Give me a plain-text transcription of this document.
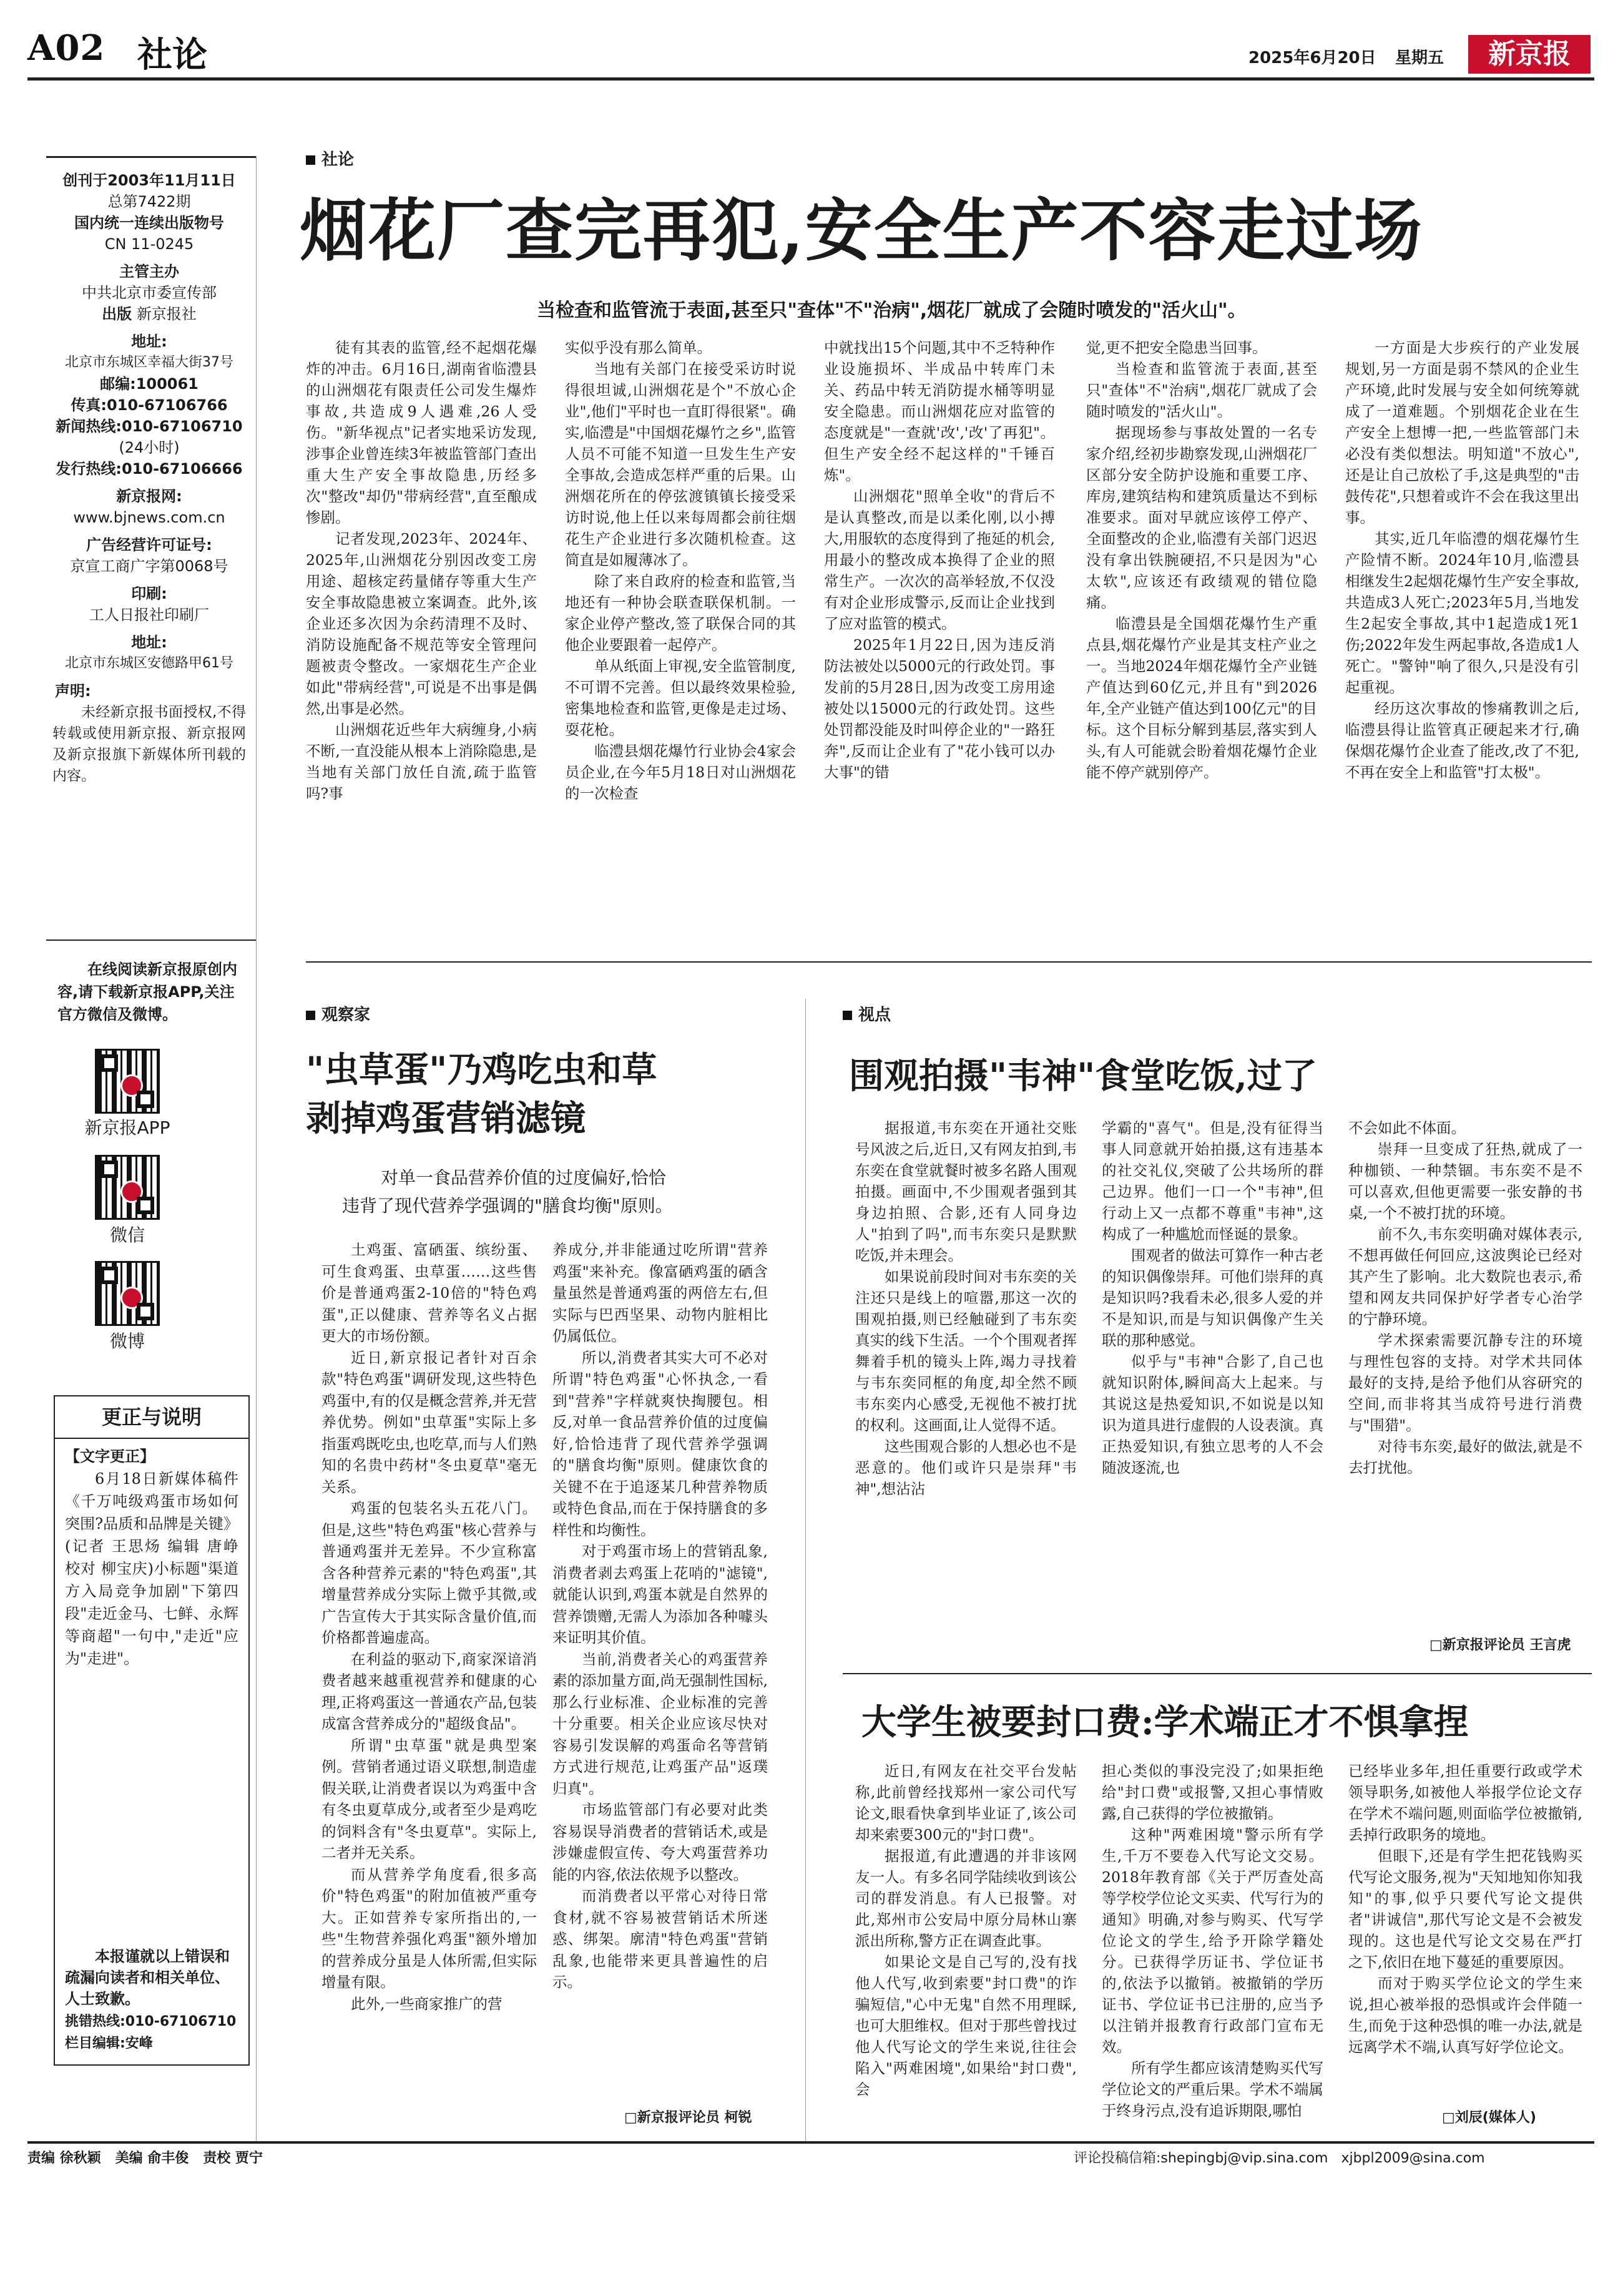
A02 社论	2025年6月20日 星期五	新京报
创刊于2003年11月11日
总第7422期
国内统一连续出版物号
CN 11-0245
主管主办
中共北京市委宣传部
出版 新京报社
地址:
北京市东城区幸福大街37号
邮编:100061
传真:010-67106766
新闻热线:010-67106710
(24小时)
发行热线:010-67106666
新京报网:
www.bjnews.com.cn
广告经营许可证号:
京宣工商广字第0068号
印刷:
工人日报社印刷厂
地址:
北京市东城区安德路甲61号
声明:
未经新京报书面授权,不得转载或使用新京报、新京报网及新京报旗下新媒体所刊载的内容。
在线阅读新京报原创内容,请下载新京报APP,关注官方微信及微博。
新京报APP
微信
微博
更正与说明
【文字更正】
6月18日新媒体稿件《千万吨级鸡蛋市场如何突围?品质和品牌是关键》(记者 王思炀 编辑 唐峥 校对 柳宝庆)小标题"渠道方入局竞争加剧"下第四段"走近金马、七鲜、永辉等商超"一句中,"走近"应为"走进"。
本报谨就以上错误和疏漏向读者和相关单位、人士致歉。
挑错热线:010-67106710
栏目编辑:安峰
社论
烟花厂查完再犯,安全生产不容走过场
当检查和监管流于表面,甚至只"查体"不"治病",烟花厂就成了会随时喷发的"活火山"。

徒有其表的监管,经不起烟花爆炸的冲击。6月16日,湖南省临澧县的山洲烟花有限责任公司发生爆炸事故,共造成9人遇难,26人受伤。"新华视点"记者实地采访发现,涉事企业曾连续3年被监管部门查出重大生产安全事故隐患,历经多次"整改"却仍"带病经营",直至酿成惨剧。

记者发现,2023年、2024年、2025年,山洲烟花分别因改变工房用途、超核定药量储存等重大生产安全事故隐患被立案调查。此外,该企业还多次因为余药清理不及时、消防设施配备不规范等安全管理问题被责令整改。一家烟花生产企业如此"带病经营",可说是不出事是偶然,出事是必然。

山洲烟花近些年大病缠身,小病不断,一直没能从根本上消除隐患,是当地有关部门放任自流,疏于监管吗?事

实似乎没有那么简单。

当地有关部门在接受采访时说得很坦诚,山洲烟花是个"不放心企业",他们"平时也一直盯得很紧"。确实,临澧是"中国烟花爆竹之乡",监管人员不可能不知道一旦发生生产安全事故,会造成怎样严重的后果。山洲烟花所在的停弦渡镇镇长接受采访时说,他上任以来每周都会前往烟花生产企业进行多次随机检查。这简直是如履薄冰了。

除了来自政府的检查和监管,当地还有一种协会联查联保机制。一家企业停产整改,签了联保合同的其他企业要跟着一起停产。

单从纸面上审视,安全监管制度,不可谓不完善。但以最终效果检验,密集地检查和监管,更像是走过场、耍花枪。

临澧县烟花爆竹行业协会4家会员企业,在今年5月18日对山洲烟花的一次检查

中就找出15个问题,其中不乏特种作业设施损坏、半成品中转库门未关、药品中转无消防提水桶等明显安全隐患。而山洲烟花应对监管的态度就是"一查就'改','改'了再犯"。但生产安全经不起这样的"千锤百炼"。

山洲烟花"照单全收"的背后不是认真整改,而是以柔化刚,以小搏大,用服软的态度得到了拖延的机会,用最小的整改成本换得了企业的照常生产。一次次的高举轻放,不仅没有对企业形成警示,反而让企业找到了应对监管的模式。

2025年1月22日,因为违反消防法被处以5000元的行政处罚。事发前的5月28日,因为改变工房用途被处以15000元的行政处罚。这些处罚都没能及时叫停企业的"一路狂奔",反而让企业有了"花小钱可以办大事"的错

觉,更不把安全隐患当回事。

当检查和监管流于表面,甚至只"查体"不"治病",烟花厂就成了会随时喷发的"活火山"。

据现场参与事故处置的一名专家介绍,经初步勘察发现,山洲烟花厂区部分安全防护设施和重要工序、库房,建筑结构和建筑质量达不到标准要求。面对早就应该停工停产、全面整改的企业,临澧有关部门迟迟没有拿出铁腕硬招,不只是因为"心太软",应该还有政绩观的错位隐痛。

临澧县是全国烟花爆竹生产重点县,烟花爆竹产业是其支柱产业之一。当地2024年烟花爆竹全产业链产值达到60亿元,并且有"到2026年,全产业链产值达到100亿元"的目标。这个目标分解到基层,落实到人头,有人可能就会盼着烟花爆竹企业能不停产就别停产。

一方面是大步疾行的产业发展规划,另一方面是弱不禁风的企业生产环境,此时发展与安全如何统筹就成了一道难题。个别烟花企业在生产安全上想博一把,一些监管部门未必没有类似想法。明知道"不放心",还是让自己放松了手,这是典型的"击鼓传花",只想着或许不会在我这里出事。

其实,近几年临澧的烟花爆竹生产险情不断。2024年10月,临澧县相继发生2起烟花爆竹生产安全事故,共造成3人死亡;2023年5月,当地发生2起安全事故,其中1起造成1死1伤;2022年发生两起事故,各造成1人死亡。"警钟"响了很久,只是没有引起重视。

经历这次事故的惨痛教训之后,临澧县得让监管真正硬起来才行,确保烟花爆竹企业查了能改,改了不犯,不再在安全上和监管"打太极"。

观察家
"虫草蛋"乃鸡吃虫和草
剥掉鸡蛋营销滤镜
对单一食品营养价值的过度偏好,恰恰
违背了现代营养学强调的"膳食均衡"原则。

土鸡蛋、富硒蛋、缤纷蛋、可生食鸡蛋、虫草蛋……这些售价是普通鸡蛋2-10倍的"特色鸡蛋",正以健康、营养等名义占据更大的市场份额。

近日,新京报记者针对百余款"特色鸡蛋"调研发现,这些特色鸡蛋中,有的仅是概念营养,并无营养优势。例如"虫草蛋"实际上多指蛋鸡既吃虫,也吃草,而与人们熟知的名贵中药材"冬虫夏草"毫无关系。

鸡蛋的包装名头五花八门。但是,这些"特色鸡蛋"核心营养与普通鸡蛋并无差异。不少宣称富含各种营养元素的"特色鸡蛋",其增量营养成分实际上微乎其微,或广告宣传大于其实际含量价值,而价格都普遍虚高。

在利益的驱动下,商家深谙消费者越来越重视营养和健康的心理,正将鸡蛋这一普通农产品,包装成富含营养成分的"超级食品"。

所谓"虫草蛋"就是典型案例。营销者通过语义联想,制造虚假关联,让消费者误以为鸡蛋中含有冬虫夏草成分,或者至少是鸡吃的饲料含有"冬虫夏草"。实际上,二者并无关系。

而从营养学角度看,很多高价"特色鸡蛋"的附加值被严重夸大。正如营养专家所指出的,一些"生物营养强化鸡蛋"额外增加的营养成分虽是人体所需,但实际增量有限。

此外,一些商家推广的营

养成分,并非能通过吃所谓"营养鸡蛋"来补充。像富硒鸡蛋的硒含量虽然是普通鸡蛋的两倍左右,但实际与巴西坚果、动物内脏相比仍属低位。

所以,消费者其实大可不必对所谓"特色鸡蛋"心怀执念,一看到"营养"字样就爽快掏腰包。相反,对单一食品营养价值的过度偏好,恰恰违背了现代营养学强调的"膳食均衡"原则。健康饮食的关键不在于追逐某几种营养物质或特色食品,而在于保持膳食的多样性和均衡性。

对于鸡蛋市场上的营销乱象,消费者剥去鸡蛋上花哨的"滤镜",就能认识到,鸡蛋本就是自然界的营养馈赠,无需人为添加各种噱头来证明其价值。

当前,消费者关心的鸡蛋营养素的添加量方面,尚无强制性国标,那么行业标准、企业标准的完善十分重要。相关企业应该尽快对容易引发误解的鸡蛋命名等营销方式进行规范,让鸡蛋产品"返璞归真"。

市场监管部门有必要对此类容易误导消费者的营销话术,或是涉嫌虚假宣传、夸大鸡蛋营养功能的内容,依法依规予以整改。

而消费者以平常心对待日常食材,就不容易被营销话术所迷惑、绑架。廓清"特色鸡蛋"营销乱象,也能带来更具普遍性的启示。

□新京报评论员 柯锐
视点
围观拍摄"韦神"食堂吃饭,过了

据报道,韦东奕在开通社交账号风波之后,近日,又有网友拍到,韦东奕在食堂就餐时被多名路人围观拍摄。画面中,不少围观者强到其身边拍照、合影,还有人同身边人"拍到了吗",而韦东奕只是默默吃饭,并未理会。

如果说前段时间对韦东奕的关注还只是线上的喧嚣,那这一次的围观拍摄,则已经触碰到了韦东奕真实的线下生活。一个个围观者挥舞着手机的镜头上阵,竭力寻找着与韦东奕同框的角度,却全然不顾韦东奕内心感受,无视他不被打扰的权利。这画面,让人觉得不适。

这些围观合影的人想必也不是恶意的。他们或许只是崇拜"韦神",想沾沾

学霸的"喜气"。但是,没有征得当事人同意就开始拍摄,这有违基本的社交礼仪,突破了公共场所的群己边界。他们一口一个"韦神",但行动上又一点都不尊重"韦神",这构成了一种尴尬而怪诞的景象。

围观者的做法可算作一种古老的知识偶像崇拜。可他们崇拜的真是知识吗?我看未必,很多人爱的并不是知识,而是与知识偶像产生关联的那种感觉。

似乎与"韦神"合影了,自己也就知识附体,瞬间高大上起来。与其说这是热爱知识,不如说是以知识为道具进行虚假的人设表演。真正热爱知识,有独立思考的人不会随波逐流,也

不会如此不体面。

崇拜一旦变成了狂热,就成了一种枷锁、一种禁锢。韦东奕不是不可以喜欢,但他更需要一张安静的书桌,一个不被打扰的环境。

前不久,韦东奕明确对媒体表示,不想再做任何回应,这波舆论已经对其产生了影响。北大数院也表示,希望和网友共同保护好学者专心治学的宁静环境。

学术探索需要沉静专注的环境与理性包容的支持。对学术共同体最好的支持,是给予他们从容研究的空间,而非将其当成符号进行消费与"围猎"。

对待韦东奕,最好的做法,就是不去打扰他。

□新京报评论员 王言虎
大学生被要封口费:学术端正才不惧拿捏

近日,有网友在社交平台发帖称,此前曾经找郑州一家公司代写论文,眼看快拿到毕业证了,该公司却来索要300元的"封口费"。

据报道,有此遭遇的并非该网友一人。有多名同学陆续收到该公司的群发消息。有人已报警。对此,郑州市公安局中原分局林山寨派出所称,警方正在调查此事。

如果论文是自己写的,没有找他人代写,收到索要"封口费"的诈骗短信,"心中无鬼"自然不用理睬,也可大胆维权。但对于那些曾找过他人代写论文的学生来说,往往会陷入"两难困境",如果给"封口费",会

担心类似的事没完没了;如果拒绝给"封口费"或报警,又担心事情败露,自己获得的学位被撤销。

这种"两难困境"警示所有学生,千万不要卷入代写论文交易。2018年教育部《关于严厉查处高等学校学位论文买卖、代写行为的通知》明确,对参与购买、代写学位论文的学生,给予开除学籍处分。已获得学历证书、学位证书的,依法予以撤销。被撤销的学历证书、学位证书已注册的,应当予以注销并报教育行政部门宣布无效。

所有学生都应该清楚购买代写学位论文的严重后果。学术不端属于终身污点,没有追诉期限,哪怕

已经毕业多年,担任重要行政或学术领导职务,如被他人举报学位论文存在学术不端问题,则面临学位被撤销,丢掉行政职务的境地。

但眼下,还是有学生把花钱购买代写论文服务,视为"天知地知你知我知"的事,似乎只要代写论文提供者"讲诚信",那代写论文是不会被发现的。这也是代写论文交易在严打之下,依旧在地下蔓延的重要原因。

而对于购买学位论文的学生来说,担心被举报的恐惧或许会伴随一生,而免于这种恐惧的唯一办法,就是远离学术不端,认真写好学位论文。

□刘辰(媒体人)
责编 徐秋颖   美编 俞丰俊   责校 贾宁	评论投稿信箱:shepingbj@vip.sina.com   xjbpl2009@sina.com
